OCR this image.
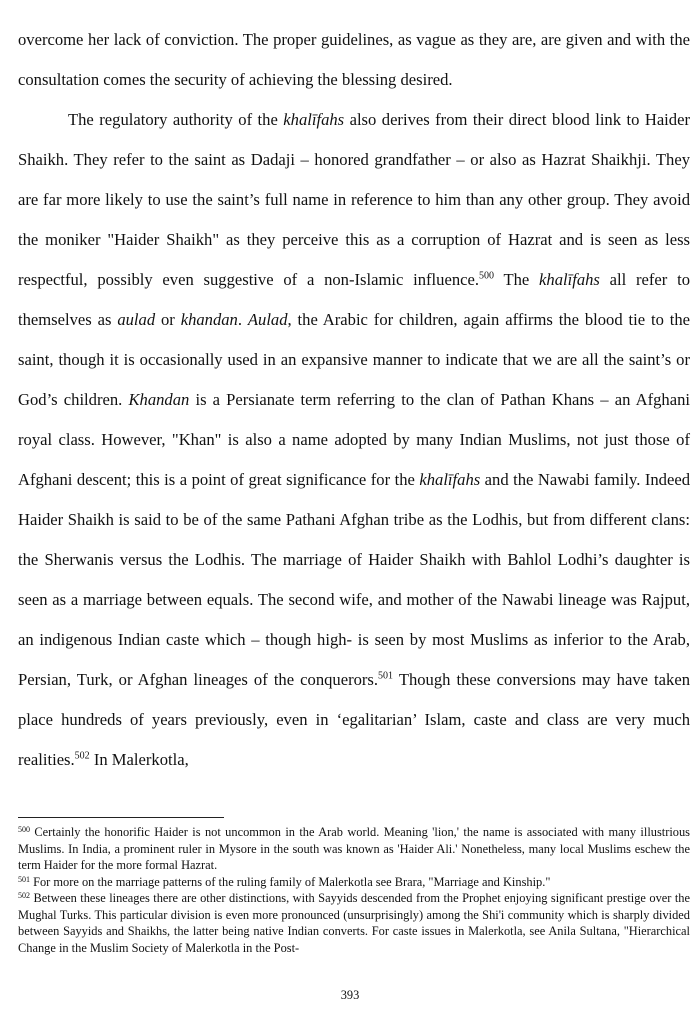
overcome her lack of conviction. The proper guidelines, as vague as they are, are given and with the consultation comes the security of achieving the blessing desired.

The regulatory authority of the khalīfahs also derives from their direct blood link to Haider Shaikh. They refer to the saint as Dadaji – honored grandfather – or also as Hazrat Shaikhji. They are far more likely to use the saint’s full name in reference to him than any other group. They avoid the moniker "Haider Shaikh" as they perceive this as a corruption of Hazrat and is seen as less respectful, possibly even suggestive of a non-Islamic influence.$^{500}$ The khalīfahs all refer to themselves as aulad or khandan. Aulad, the Arabic for children, again affirms the blood tie to the saint, though it is occasionally used in an expansive manner to indicate that we are all the saint’s or God’s children. Khandan is a Persianate term referring to the clan of Pathan Khans – an Afghani royal class. However, "Khan" is also a name adopted by many Indian Muslims, not just those of Afghani descent; this is a point of great significance for the khalīfahs and the Nawabi family. Indeed Haider Shaikh is said to be of the same Pathani Afghan tribe as the Lodhis, but from different clans: the Sherwanis versus the Lodhis. The marriage of Haider Shaikh with Bahlol Lodhi’s daughter is seen as a marriage between equals. The second wife, and mother of the Nawabi lineage was Rajput, an indigenous Indian caste which – though high- is seen by most Muslims as inferior to the Arab, Persian, Turk, or Afghan lineages of the conquerors.$^{501}$ Though these conversions may have taken place hundreds of years previously, even in ‘egalitarian’ Islam, caste and class are very much realities.$^{502}$ In Malerkotla,

$^{500}$ Certainly the honorific Haider is not uncommon in the Arab world. Meaning 'lion,' the name is associated with many illustrious Muslims. In India, a prominent ruler in Mysore in the south was known as 'Haider Ali.' Nonetheless, many local Muslims eschew the term Haider for the more formal Hazrat.

$^{501}$ For more on the marriage patterns of the ruling family of Malerkotla see Brara, "Marriage and Kinship."

$^{502}$ Between these lineages there are other distinctions, with Sayyids descended from the Prophet enjoying significant prestige over the Mughal Turks. This particular division is even more pronounced (unsurprisingly) among the Shi'i community which is sharply divided between Sayyids and Shaikhs, the latter being native Indian converts. For caste issues in Malerkotla, see Anila Sultana, "Hierarchical Change in the Muslim Society of Malerkotla in the Post-

393
